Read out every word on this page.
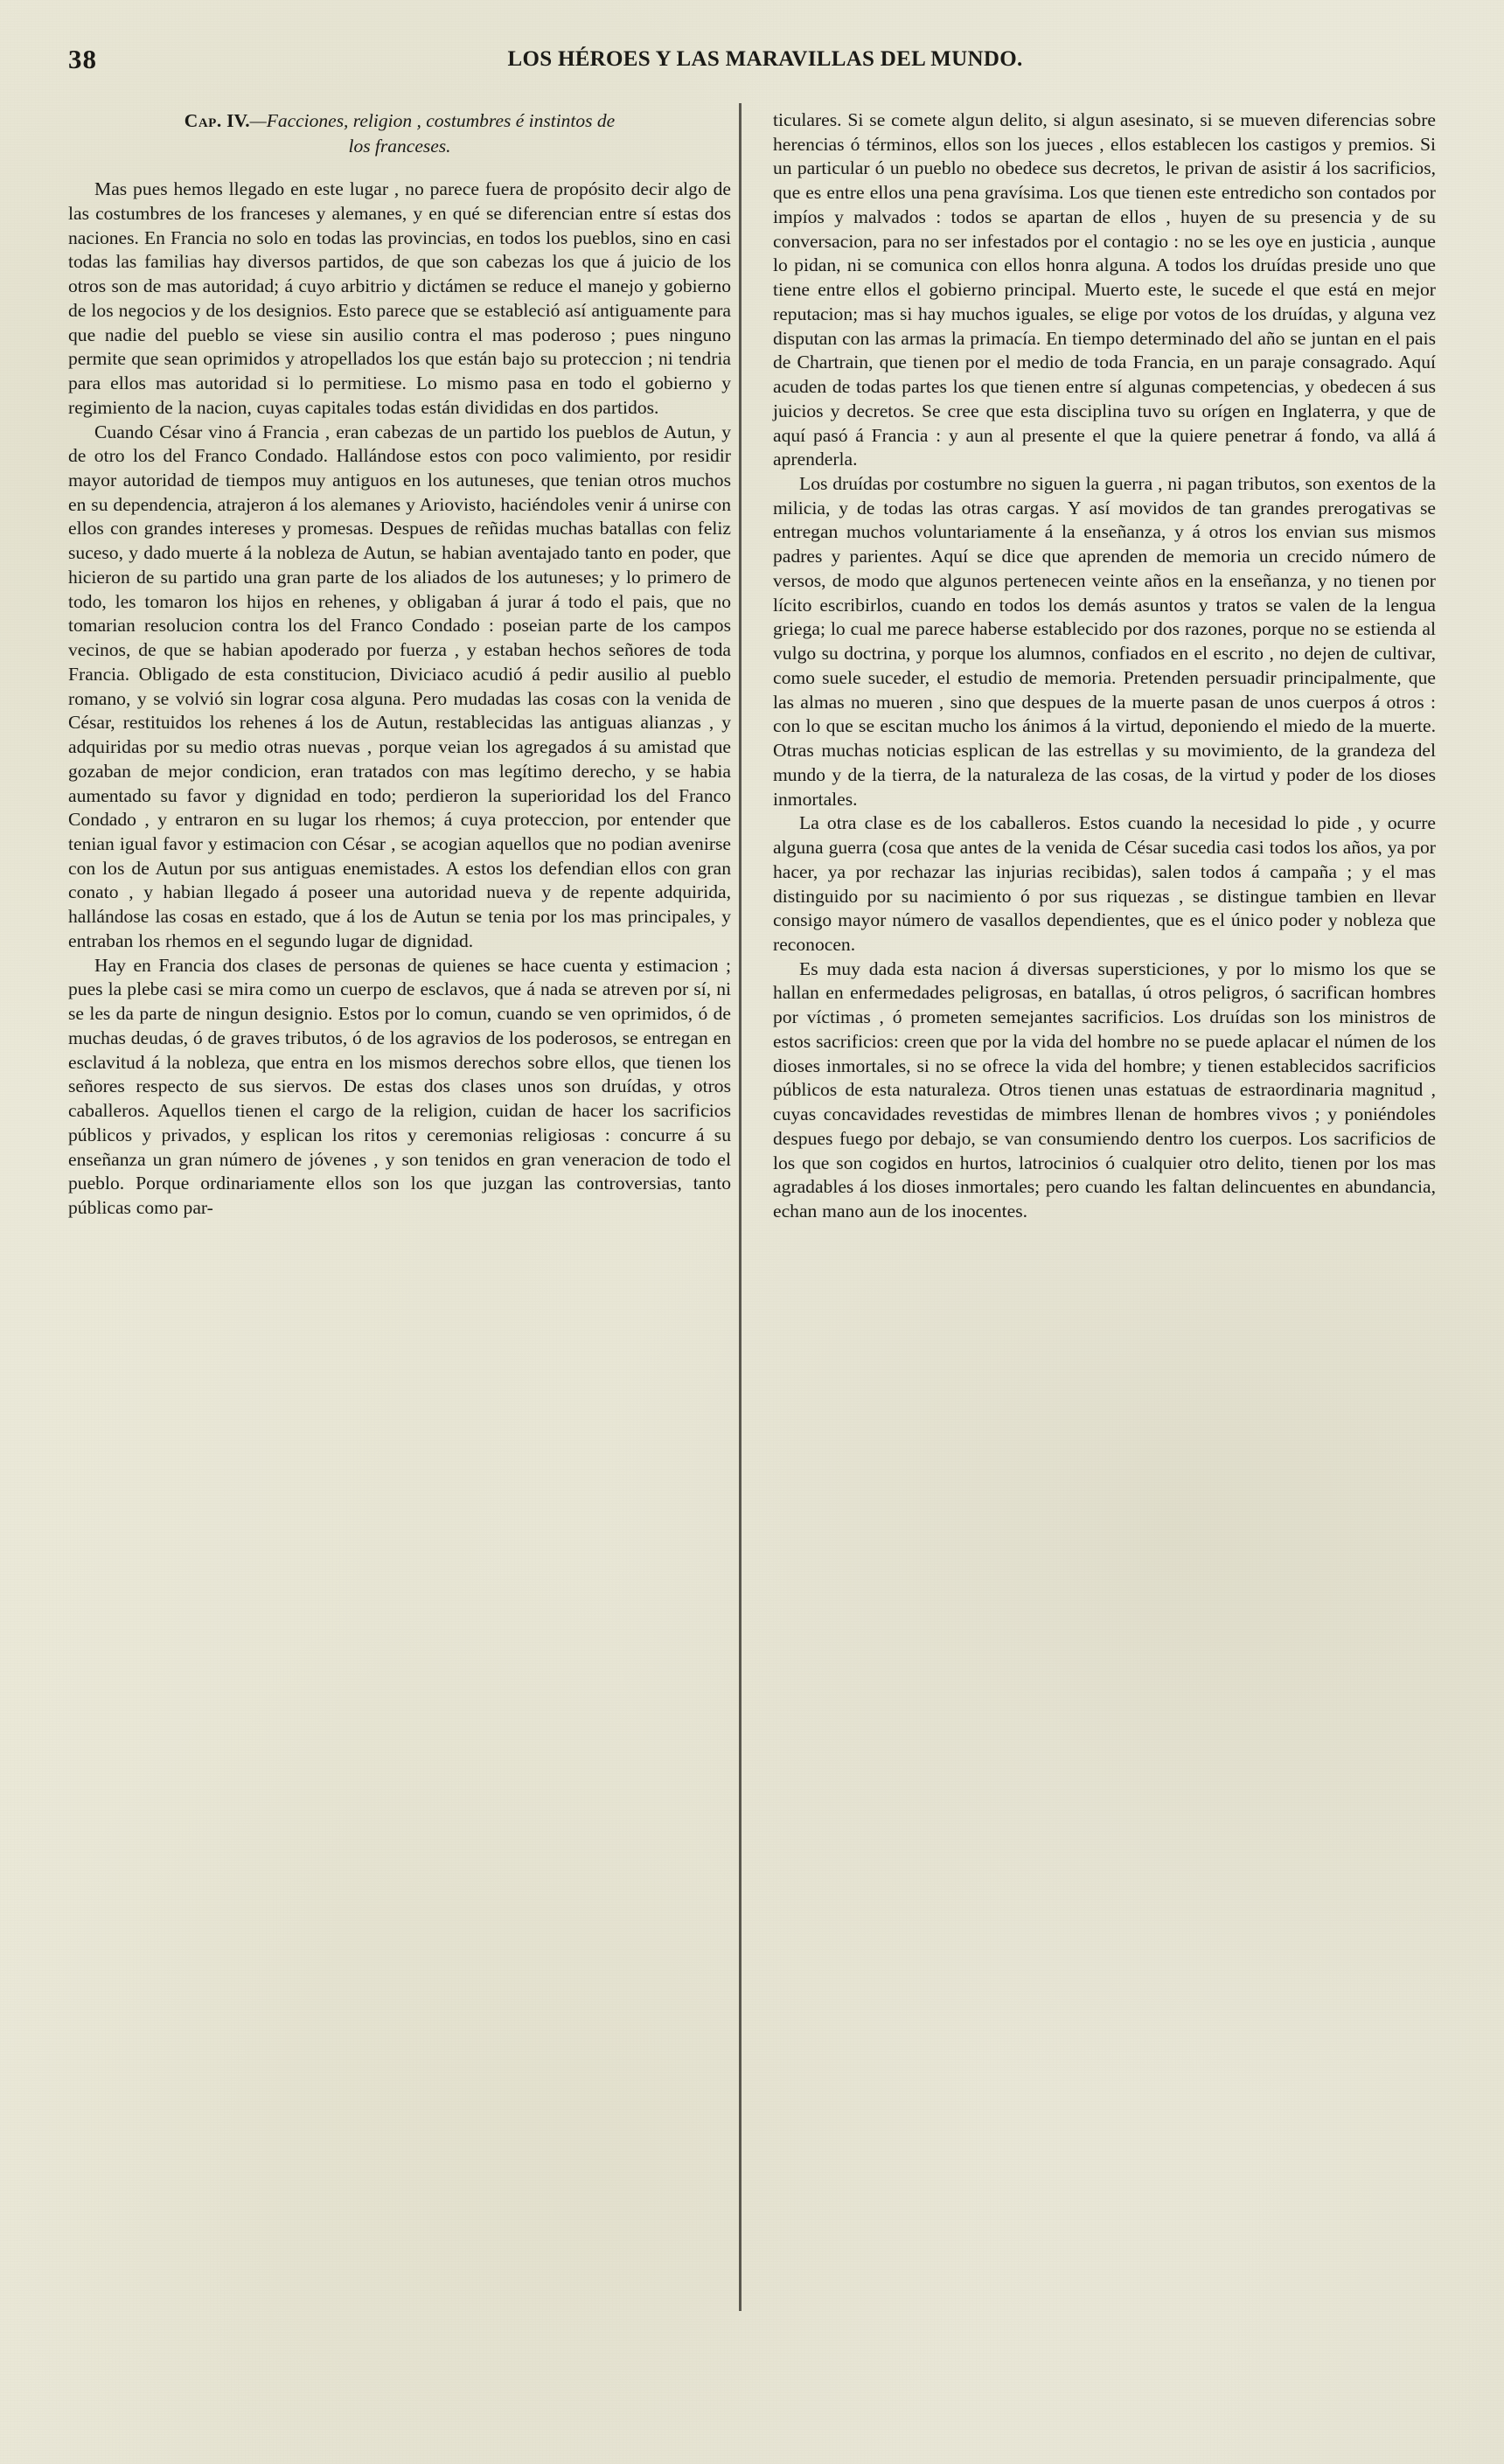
38	LOS HÉROES Y LAS MARAVILLAS DEL MUNDO.
Cap. IV.—Facciones, religion , costumbres é instintos de
los franceses.

Mas pues hemos llegado en este lugar , no parece fuera de propósito decir algo de las costumbres de los franceses y alemanes, y en qué se diferencian entre sí estas dos naciones. En Francia no solo en todas las provincias, en todos los pueblos, sino en casi todas las familias hay diversos partidos, de que son cabezas los que á juicio de los otros son de mas autoridad; á cuyo arbitrio y dictámen se reduce el manejo y gobierno de los negocios y de los designios. Esto parece que se estableció así antiguamente para que nadie del pueblo se viese sin ausilio contra el mas poderoso ; pues ninguno permite que sean oprimidos y atropellados los que están bajo su proteccion ; ni tendria para ellos mas autoridad si lo permitiese. Lo mismo pasa en todo el gobierno y regimiento de la nacion, cuyas capitales todas están divididas en dos partidos.

Cuando César vino á Francia , eran cabezas de un partido los pueblos de Autun, y de otro los del Franco Condado. Hallándose estos con poco valimiento, por residir mayor autoridad de tiempos muy antiguos en los autuneses, que tenian otros muchos en su dependencia, atrajeron á los alemanes y Ariovisto, haciéndoles venir á unirse con ellos con grandes intereses y promesas. Despues de reñidas muchas batallas con feliz suceso, y dado muerte á la nobleza de Autun, se habian aventajado tanto en poder, que hicieron de su partido una gran parte de los aliados de los autuneses; y lo primero de todo, les tomaron los hijos en rehenes, y obligaban á jurar á todo el pais, que no tomarian resolucion contra los del Franco Condado : poseian parte de los campos vecinos, de que se habian apoderado por fuerza , y estaban hechos señores de toda Francia. Obligado de esta constitucion, Diviciaco acudió á pedir ausilio al pueblo romano, y se volvió sin lograr cosa alguna. Pero mudadas las cosas con la venida de César, restituidos los rehenes á los de Autun, restablecidas las antiguas alianzas , y adquiridas por su medio otras nuevas , porque veian los agregados á su amistad que gozaban de mejor condicion, eran tratados con mas legítimo derecho, y se habia aumentado su favor y dignidad en todo; perdieron la superioridad los del Franco Condado , y entraron en su lugar los rhemos; á cuya proteccion, por entender que tenian igual favor y estimacion con César , se acogian aquellos que no podian avenirse con los de Autun por sus antiguas enemistades. A estos los defendian ellos con gran conato , y habian llegado á poseer una autoridad nueva y de repente adquirida, hallándose las cosas en estado, que á los de Autun se tenia por los mas principales, y entraban los rhemos en el segundo lugar de dignidad.

Hay en Francia dos clases de personas de quienes se hace cuenta y estimacion ; pues la plebe casi se mira como un cuerpo de esclavos, que á nada se atreven por sí, ni se les da parte de ningun designio. Estos por lo comun, cuando se ven oprimidos, ó de muchas deudas, ó de graves tributos, ó de los agravios de los poderosos, se entregan en esclavitud á la nobleza, que entra en los mismos derechos sobre ellos, que tienen los señores respecto de sus siervos. De estas dos clases unos son druídas, y otros caballeros. Aquellos tienen el cargo de la religion, cuidan de hacer los sacrificios públicos y privados, y esplican los ritos y ceremonias religiosas : concurre á su enseñanza un gran número de jóvenes , y son tenidos en gran veneracion de todo el pueblo. Porque ordinariamente ellos son los que juzgan las controversias, tanto públicas como par-

ticulares. Si se comete algun delito, si algun asesinato, si se mueven diferencias sobre herencias ó términos, ellos son los jueces , ellos establecen los castigos y premios. Si un particular ó un pueblo no obedece sus decretos, le privan de asistir á los sacrificios, que es entre ellos una pena gravísima. Los que tienen este entredicho son contados por impíos y malvados : todos se apartan de ellos , huyen de su presencia y de su conversacion, para no ser infestados por el contagio : no se les oye en justicia , aunque lo pidan, ni se comunica con ellos honra alguna. A todos los druídas preside uno que tiene entre ellos el gobierno principal. Muerto este, le sucede el que está en mejor reputacion; mas si hay muchos iguales, se elige por votos de los druídas, y alguna vez disputan con las armas la primacía. En tiempo determinado del año se juntan en el pais de Chartrain, que tienen por el medio de toda Francia, en un paraje consagrado. Aquí acuden de todas partes los que tienen entre sí algunas competencias, y obedecen á sus juicios y decretos. Se cree que esta disciplina tuvo su orígen en Inglaterra, y que de aquí pasó á Francia : y aun al presente el que la quiere penetrar á fondo, va allá á aprenderla.

Los druídas por costumbre no siguen la guerra , ni pagan tributos, son exentos de la milicia, y de todas las otras cargas. Y así movidos de tan grandes prerogativas se entregan muchos voluntariamente á la enseñanza, y á otros los envian sus mismos padres y parientes. Aquí se dice que aprenden de memoria un crecido número de versos, de modo que algunos pertenecen veinte años en la enseñanza, y no tienen por lícito escribirlos, cuando en todos los demás asuntos y tratos se valen de la lengua griega; lo cual me parece haberse establecido por dos razones, porque no se estienda al vulgo su doctrina, y porque los alumnos, confiados en el escrito , no dejen de cultivar, como suele suceder, el estudio de memoria. Pretenden persuadir principalmente, que las almas no mueren , sino que despues de la muerte pasan de unos cuerpos á otros : con lo que se escitan mucho los ánimos á la virtud, deponiendo el miedo de la muerte. Otras muchas noticias esplican de las estrellas y su movimiento, de la grandeza del mundo y de la tierra, de la naturaleza de las cosas, de la virtud y poder de los dioses inmortales.

La otra clase es de los caballeros. Estos cuando la necesidad lo pide , y ocurre alguna guerra (cosa que antes de la venida de César sucedia casi todos los años, ya por hacer, ya por rechazar las injurias recibidas), salen todos á campaña ; y el mas distinguido por su nacimiento ó por sus riquezas , se distingue tambien en llevar consigo mayor número de vasallos dependientes, que es el único poder y nobleza que reconocen.

Es muy dada esta nacion á diversas supersticiones, y por lo mismo los que se hallan en enfermedades peligrosas, en batallas, ú otros peligros, ó sacrifican hombres por víctimas , ó prometen semejantes sacrificios. Los druídas son los ministros de estos sacrificios: creen que por la vida del hombre no se puede aplacar el númen de los dioses inmortales, si no se ofrece la vida del hombre; y tienen establecidos sacrificios públicos de esta naturaleza. Otros tienen unas estatuas de estraordinaria magnitud , cuyas concavidades revestidas de mimbres llenan de hombres vivos ; y poniéndoles despues fuego por debajo, se van consumiendo dentro los cuerpos. Los sacrificios de los que son cogidos en hurtos, latrocinios ó cualquier otro delito, tienen por los mas agradables á los dioses inmortales; pero cuando les faltan delincuentes en abundancia, echan mano aun de los inocentes.
